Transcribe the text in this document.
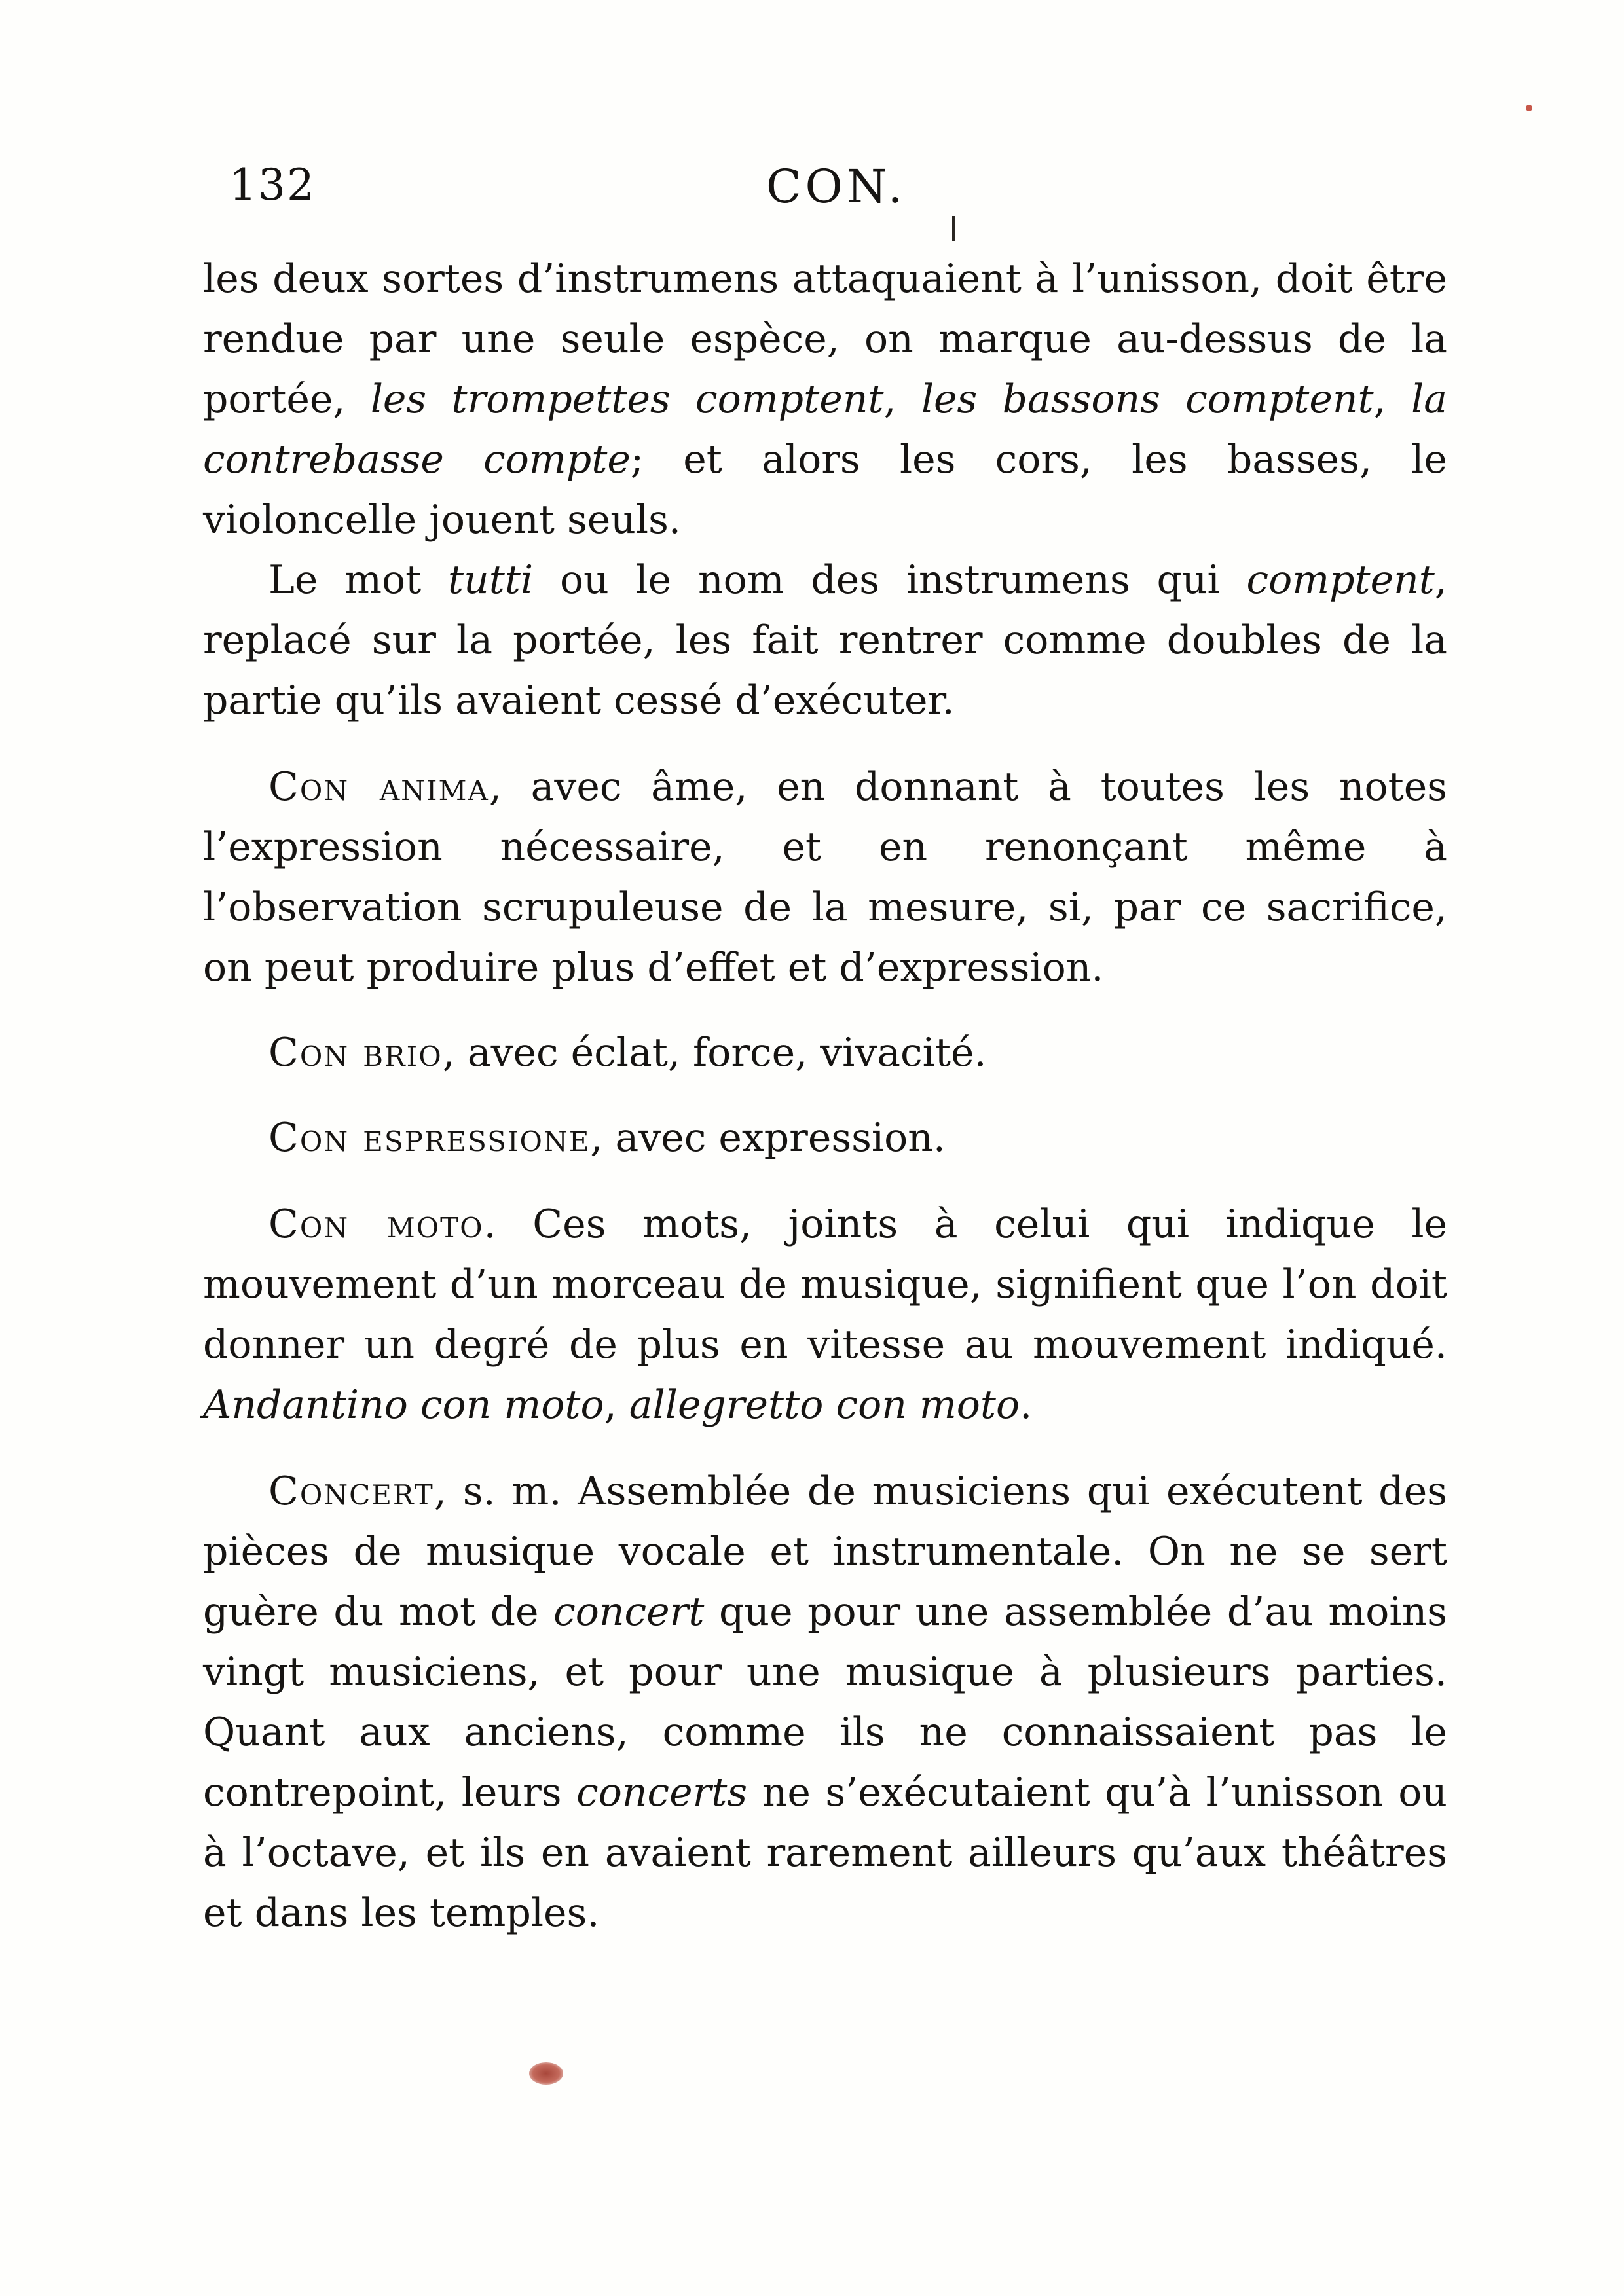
132	CON.

les deux sortes d’instrumens attaquaient à l’unisson, doit être rendue par une seule espèce, on marque au-dessus de la portée, les trompettes comptent, les bassons comptent, la contrebasse compte; et alors les cors, les basses, le violoncelle jouent seuls.

Le mot tutti ou le nom des instrumens qui comptent, replacé sur la portée, les fait rentrer comme doubles de la partie qu’ils avaient cessé d’exécuter.

Con anima, avec âme, en donnant à toutes les notes l’expression nécessaire, et en renonçant même à l’observation scrupuleuse de la mesure, si, par ce sacrifice, on peut produire plus d’effet et d’expression.

Con brio, avec éclat, force, vivacité.

Con espressione, avec expression.

Con moto. Ces mots, joints à celui qui indique le mouvement d’un morceau de musique, signifient que l’on doit donner un degré de plus en vitesse au mouvement indiqué. Andantino con moto, allegretto con moto.

Concert, s. m. Assemblée de musiciens qui exécutent des pièces de musique vocale et instrumentale. On ne se sert guère du mot de concert que pour une assemblée d’au moins vingt musiciens, et pour une musique à plusieurs parties. Quant aux anciens, comme ils ne connaissaient pas le contrepoint, leurs concerts ne s’exécutaient qu’à l’unisson ou à l’octave, et ils en avaient rarement ailleurs qu’aux théâtres et dans les temples.
